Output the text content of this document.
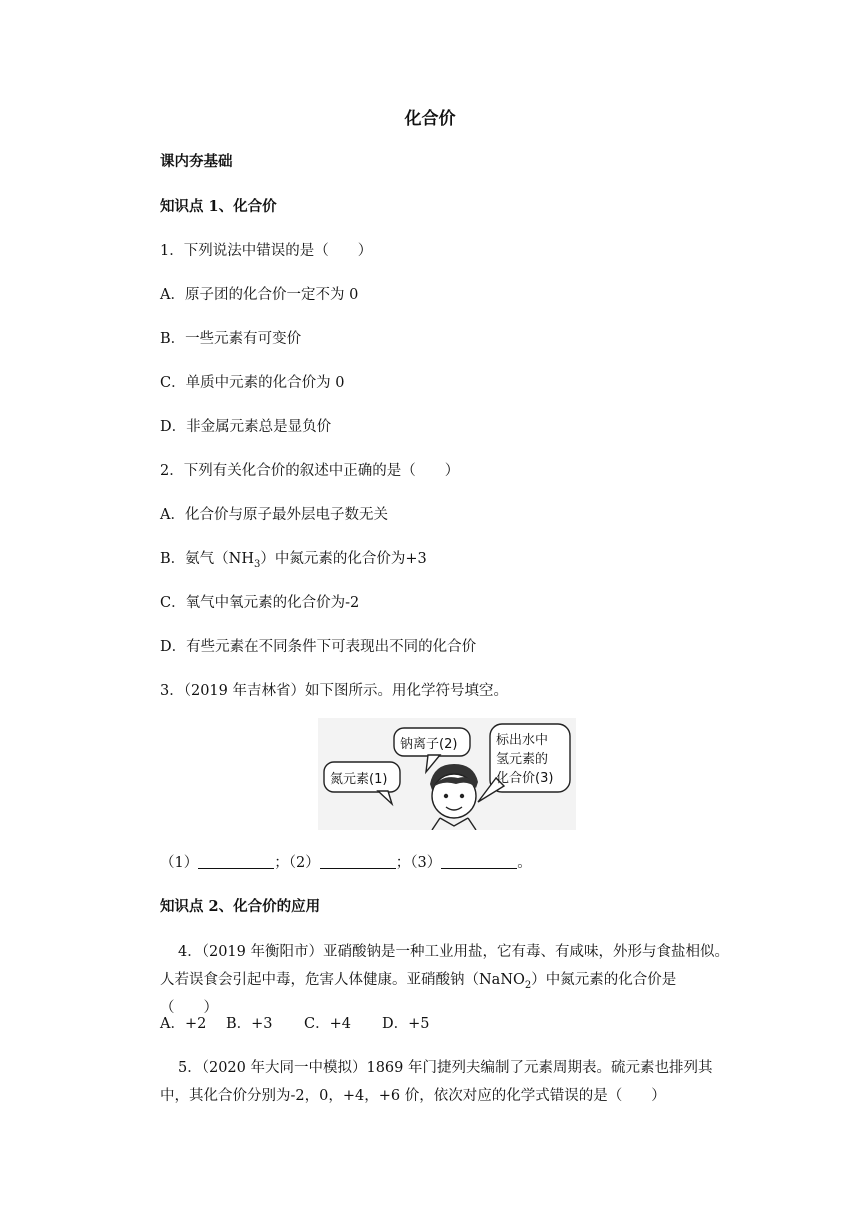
化合价
课内夯基础
知识点 1、化合价
1．下列说法中错误的是（　　）
A．原子团的化合价一定不为 0
B．一些元素有可变价
C．单质中元素的化合价为 0
D．非金属元素总是显负价
2．下列有关化合价的叙述中正确的是（　　）
A．化合价与原子最外层电子数无关
B．氨气$(NH_3)$中氮元素的化合价为+3
C．氧气中氧元素的化合价为-2
D．有些元素在不同条件下可表现出不同的化合价
3．（2019 年吉林省）如下图所示。用化学符号填空。
氮元素(1)
钠离子(2)	标出水中
氢元素的
化合价(3)
（1）	；（2）	；（3）	。
知识点 2、化合价的应用
4．（2019 年衡阳市）亚硝酸钠是一种工业用盐，它有毒、有咸味，外形与食盐相似。人若误食会引起中毒，危害人体健康。亚硝酸钠（NaNO$_2$）中氮元素的化合价是　（　　）
A．+2 B．+3 C．+4 D．+5
5．（2020 年大同一中模拟）1869 年门捷列夫编制了元素周期表。硫元素也排列其中，其化合价分别为-2，0，+4，+6 价，依次对应的化学式错误的是（　　）
